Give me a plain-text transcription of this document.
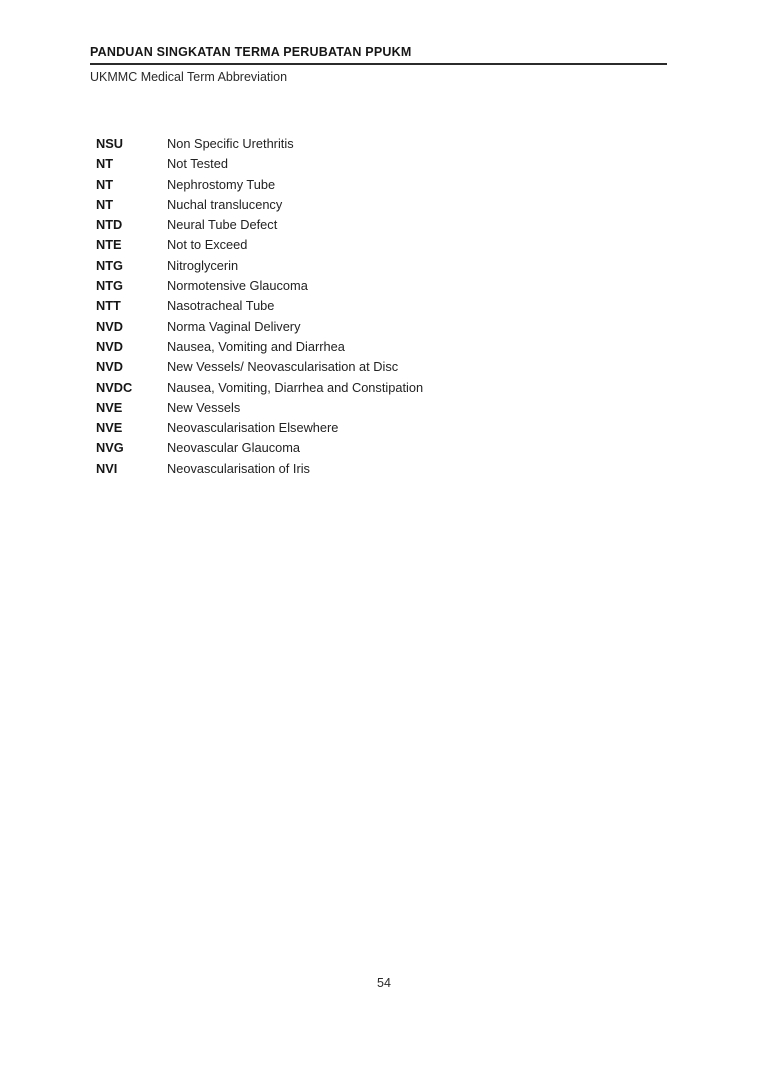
PANDUAN SINGKATAN TERMA PERUBATAN PPUKM
UKMMC Medical Term Abbreviation
NSU	Non Specific Urethritis
NT	Not Tested
NT	Nephrostomy Tube
NT	Nuchal translucency
NTD	Neural Tube Defect
NTE	Not to Exceed
NTG	Nitroglycerin
NTG	Normotensive Glaucoma
NTT	Nasotracheal Tube
NVD	Norma Vaginal Delivery
NVD	Nausea, Vomiting and Diarrhea
NVD	New Vessels/ Neovascularisation at Disc
NVDC	Nausea, Vomiting, Diarrhea and Constipation
NVE	New Vessels
NVE	Neovascularisation Elsewhere
NVG	Neovascular Glaucoma
NVI	Neovascularisation of Iris
54
